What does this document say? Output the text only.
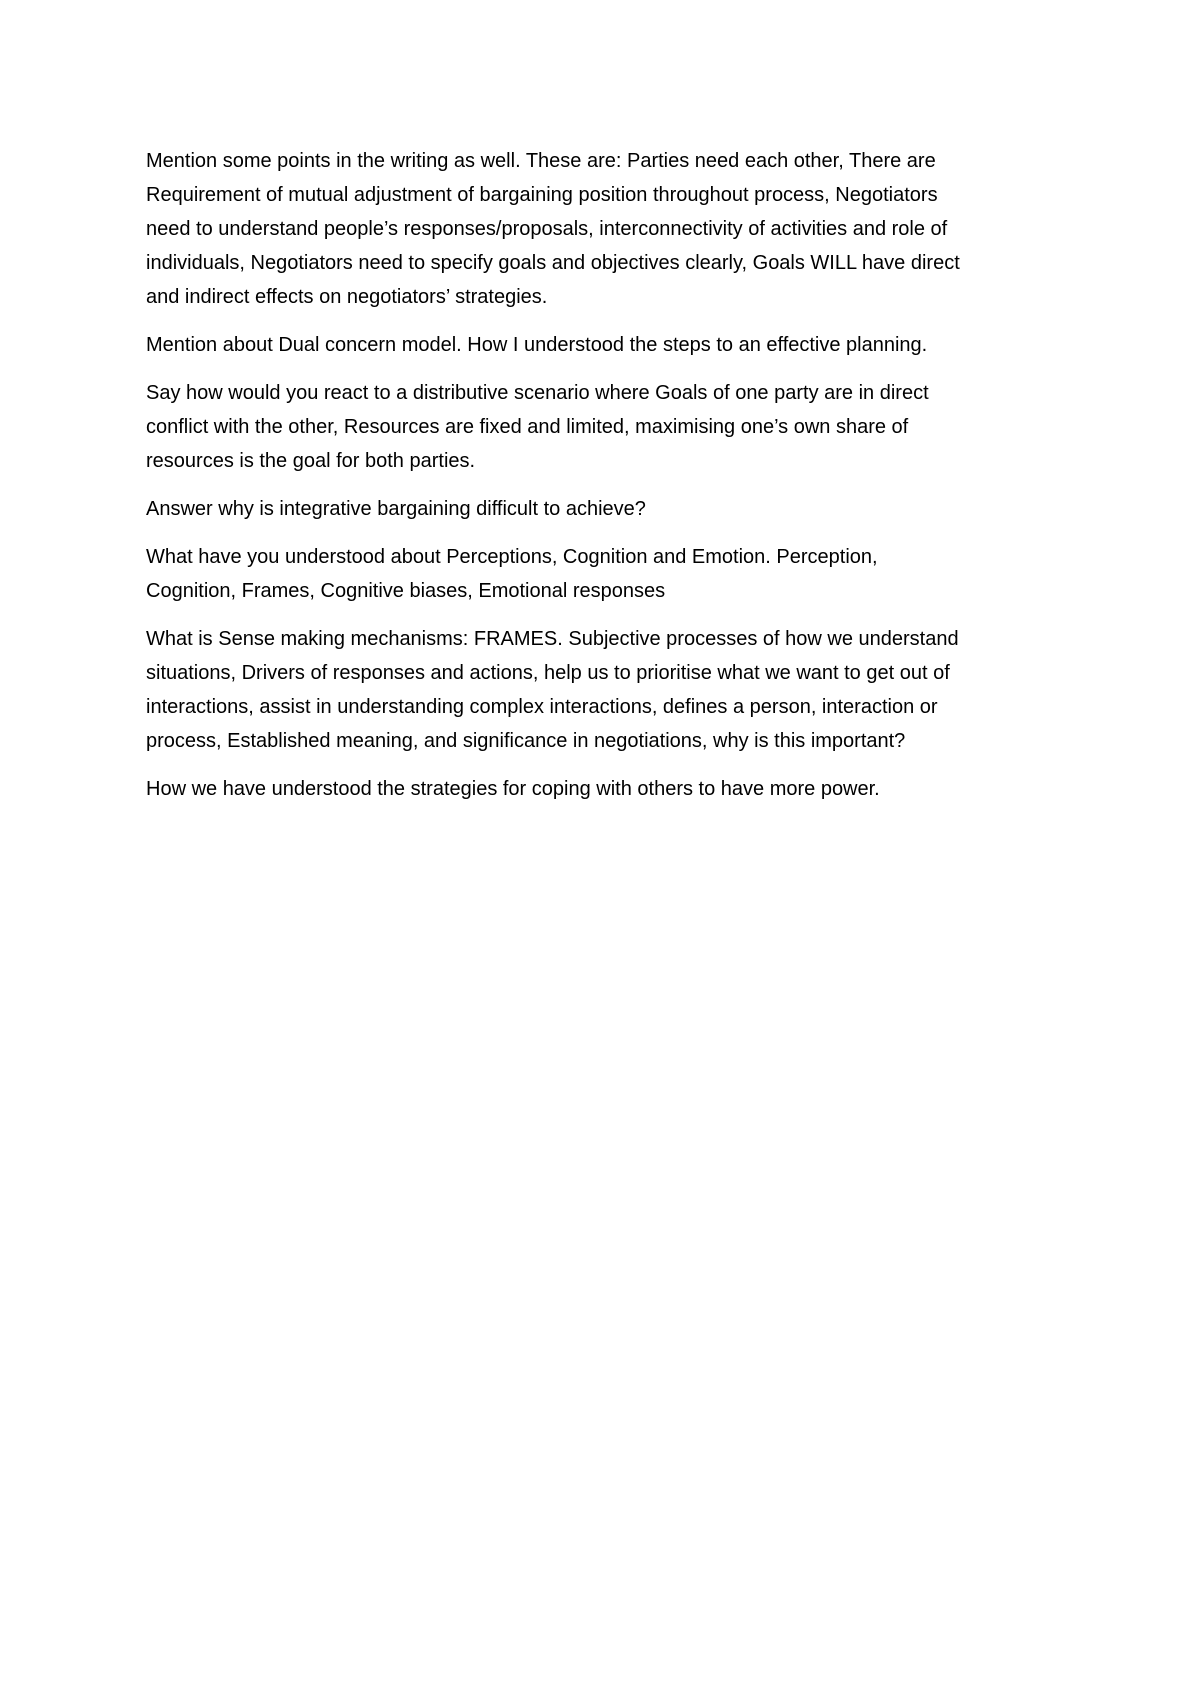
Mention some points in the writing as well. These are: Parties need each other, There are
Requirement of mutual adjustment of bargaining position throughout process, Negotiators
need to understand people’s responses/proposals, interconnectivity of activities and role of
individuals, Negotiators need to specify goals and objectives clearly, Goals WILL have direct
and indirect effects on negotiators’ strategies.

Mention about Dual concern model. How I understood the steps to an effective planning.

Say how would you react to a distributive scenario where Goals of one party are in direct
conflict with the other, Resources are fixed and limited, maximising one’s own share of
resources is the goal for both parties.

Answer why is integrative bargaining difficult to achieve?

What have you understood about Perceptions, Cognition and Emotion. Perception,
Cognition, Frames, Cognitive biases, Emotional responses

What is Sense making mechanisms: FRAMES. Subjective processes of how we understand
situations, Drivers of responses and actions, help us to prioritise what we want to get out of
interactions, assist in understanding complex interactions, defines a person, interaction or
process, Established meaning, and significance in negotiations, why is this important?

How we have understood the strategies for coping with others to have more power.
